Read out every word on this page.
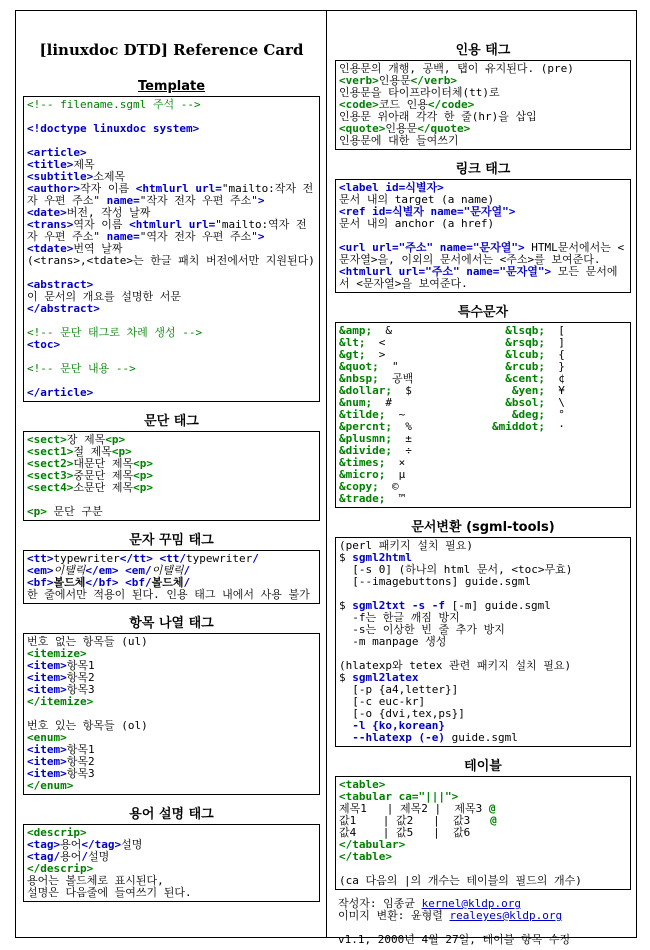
[linuxdoc DTD] Reference Card
Template
<!-- filename.sgml 주석 -->

<!doctype linuxdoc system>

<article>
<title>제목
<subtitle>소제목
<author>작자 이름 <htmlurl url="mailto:작자 전자 우편 주소" name="작자 전자 우편 주소">
<date>버전, 작성 날짜
<trans>역자 이름 <htmlurl url="mailto:역자 전자 우편 주소" name="역자 전자 우편 주소">
<tdate>번역 날짜
(<trans>,<tdate>는 한글 패치 버전에서만 지원된다)

<abstract>
이 문서의 개요를 설명한 서문
</abstract>

<!-- 문단 태그로 차례 생성 -->
<toc>

<!-- 문단 내용 -->

</article>
문단 태그
<sect>장 제목<p>
<sect1>절 제목<p>
<sect2>대문단 제목<p>
<sect3>중문단 제목<p>
<sect4>소문단 제목<p>

<p> 문단 구분
문자 꾸밈 태그
<tt>typewriter</tt> <tt/typewriter/
<em>이탤릭</em> <em/이탤릭/
<bf>볼드체</bf> <bf/볼드체/
한 줄에서만 적용이 된다. 인용 태그 내에서 사용 불가
항목 나열 태그
번호 없는 항목들 (ul)
<itemize>
<item>항목1
<item>항목2
<item>항목3
</itemize>

번호 있는 항목들 (ol)
<enum>
<item>항목1
<item>항목2
<item>항목3
</enum>
용어 설명 태그
<descrip>
<tag>용어</tag>설명
<tag/용어/설명
</descrip>
용어는 볼드체로 표시된다,
설명은 다음줄에 들여쓰기 된다.
인용 태그
인용문의 개행, 공백, 탭이 유지된다. (pre)
<verb>인용문</verb>
인용문을 타이프라이터체(tt)로
<code>코드 인용</code>
인용문 위아래 각각 한 줄(hr)을 삽입
<quote>인용문</quote>
인용문에 대한 들여쓰기
링크 태그
<label id=식별자>
문서 내의 target (a name)
<ref id=식별자 name="문자열">
문서 내의 anchor (a href)

<url url="주소" name="문자열"> HTML문서에서는 <문자열>을, 이외의 문서에서는 <주소>를 보여준다.
<htmlurl url="주소" name="문자열"> 모든 문서에서 <문자열>을 보여준다.
특수문자
&amp;  &
&lt;  <
&gt;  >
&quot;  "
&nbsp;  공백
&dollar;  $
&num;  #
&tilde;  ~
&percnt;  %
&plusmn;  ±
&divide;  ÷
&times;  ×
&micro;  µ
&copy;  ©
&trade;  ™
&lsqb;  [
&rsqb;  ]
&lcub;  {
&rcub;  }
&cent;  ¢
&yen;  ¥
&bsol;  \
&deg;  °
&middot;  ·
문서변환 (sgml-tools)
(perl 패키지 설치 필요)
$ sgml2html
[-s 0] (하나의 html 문서, <toc>무효)
[--imagebuttons] guide.sgml

$ sgml2txt -s -f [-m] guide.sgml
-f는 한글 깨짐 방지
-s는 이상한 빈 줄 추가 방지
-m manpage 생성

(hlatexp와 tetex 관련 패키지 설치 필요)
$ sgml2latex
[-p {a4,letter}]
[-c euc-kr]
[-o {dvi,tex,ps}]
-l {ko,korean}
--hlatexp (-e) guide.sgml
테이블
<table>
<tabular ca="|||">
제목1   | 제목2 |  제목3 @
값1    | 값2   |  값3   @
값4    | 값5   |  값6
</tabular>
</table>

(ca 다음의 |의 개수는 테이블의 필드의 개수)
작성자: 임종균 kernel@kldp.org
이미지 변환: 윤형렬 realeyes@kldp.org

v1.1, 2000년 4월 27일, 테이블 항목 수정
